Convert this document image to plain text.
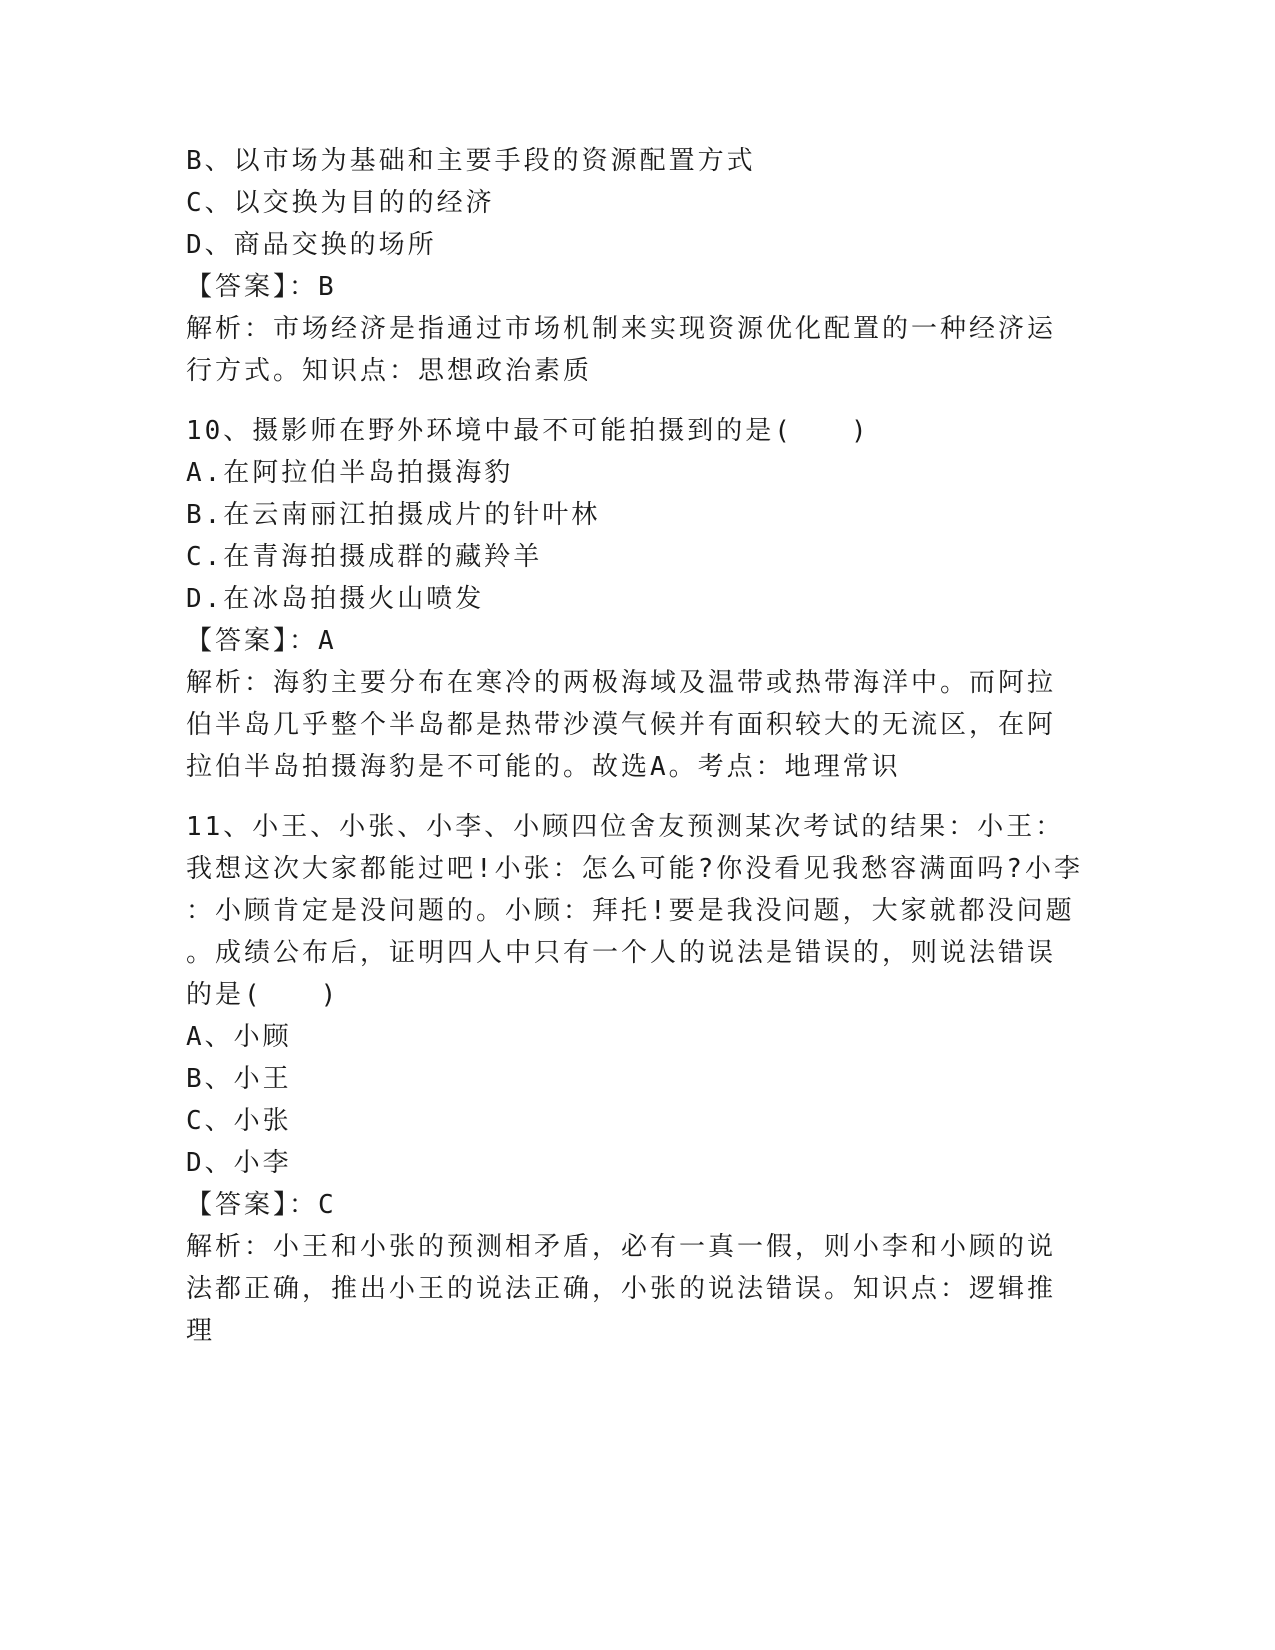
B、以市场为基础和主要手段的资源配置方式
C、以交换为目的的经济
D、商品交换的场所
【答案】：B
解析：市场经济是指通过市场机制来实现资源优化配置的一种经济运
行方式。知识点：思想政治素质
10、摄影师在野外环境中最不可能拍摄到的是(　　)
A.在阿拉伯半岛拍摄海豹
B.在云南丽江拍摄成片的针叶林
C.在青海拍摄成群的藏羚羊
D.在冰岛拍摄火山喷发
【答案】：A
解析：海豹主要分布在寒冷的两极海域及温带或热带海洋中。而阿拉
伯半岛几乎整个半岛都是热带沙漠气候并有面积较大的无流区，在阿
拉伯半岛拍摄海豹是不可能的。故选A。考点：地理常识
11、小王、小张、小李、小顾四位舍友预测某次考试的结果：小王：
我想这次大家都能过吧!小张：怎么可能?你没看见我愁容满面吗?小李
：小顾肯定是没问题的。小顾：拜托!要是我没问题，大家就都没问题
。成绩公布后，证明四人中只有一个人的说法是错误的，则说法错误
的是(　　)
A、小顾
B、小王
C、小张
D、小李
【答案】：C
解析：小王和小张的预测相矛盾，必有一真一假，则小李和小顾的说
法都正确，推出小王的说法正确，小张的说法错误。知识点：逻辑推
理
